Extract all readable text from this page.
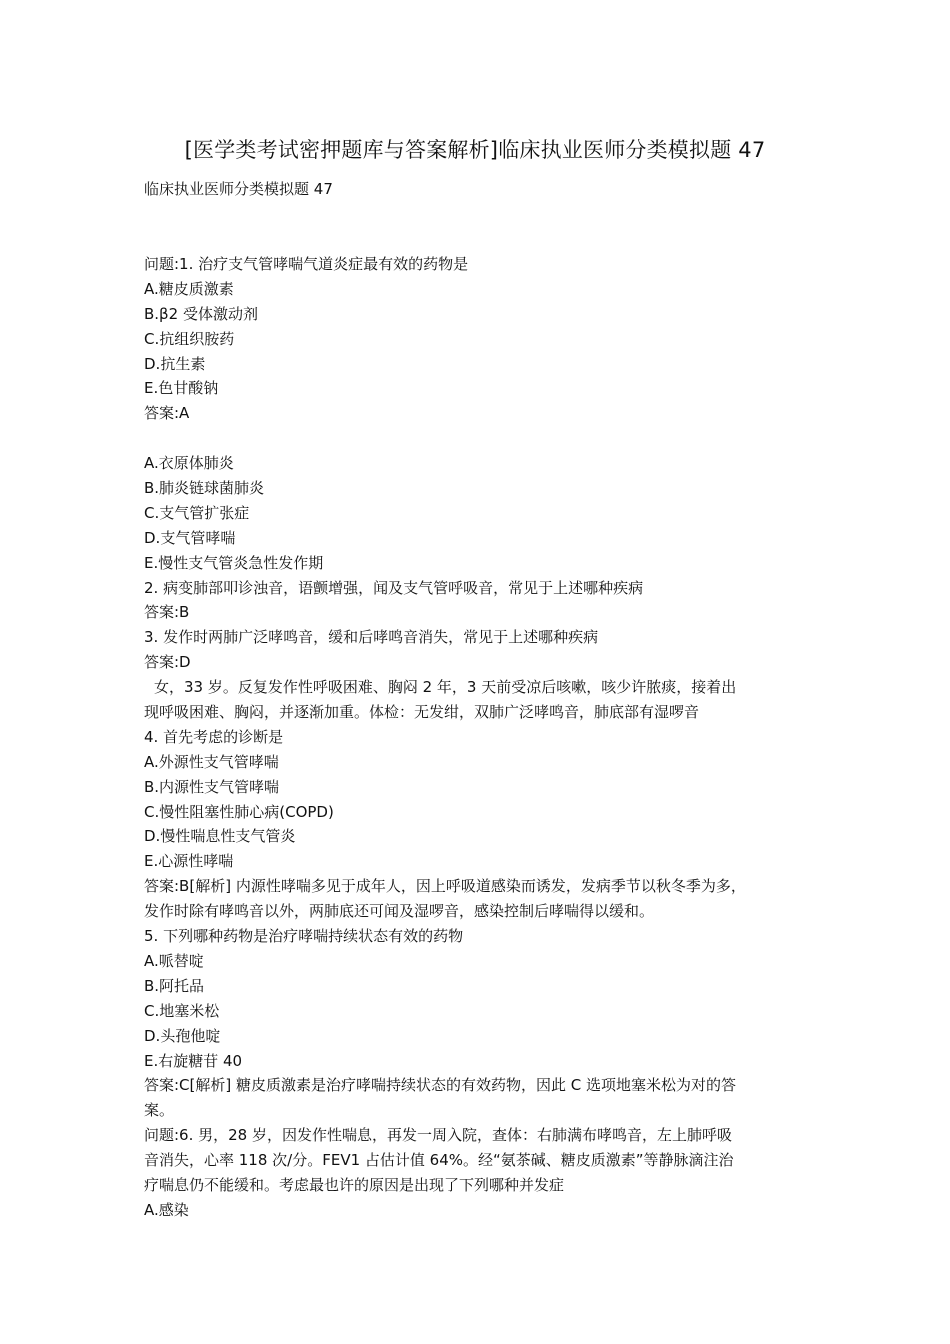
[医学类考试密押题库与答案解析]临床执业医师分类模拟题 47
临床执业医师分类模拟题 47
问题:1. 治疗支气管哮喘气道炎症最有效的药物是
A.糖皮质激素
B.β2 受体激动剂
C.抗组织胺药
D.抗生素
E.色甘酸钠
答案:A
A.衣原体肺炎
B.肺炎链球菌肺炎
C.支气管扩张症
D.支气管哮喘
E.慢性支气管炎急性发作期
2. 病变肺部叩诊浊音，语颤增强，闻及支气管呼吸音，常见于上述哪种疾病
答案:B
3. 发作时两肺广泛哮鸣音，缓和后哮鸣音消失，常见于上述哪种疾病
答案:D
女，33 岁。反复发作性呼吸困难、胸闷 2 年，3 天前受凉后咳嗽，咳少许脓痰，接着出
现呼吸困难、胸闷，并逐渐加重。体检：无发绀，双肺广泛哮鸣音，肺底部有湿啰音
4. 首先考虑的诊断是
A.外源性支气管哮喘
B.内源性支气管哮喘
C.慢性阻塞性肺心病(COPD)
D.慢性喘息性支气管炎
E.心源性哮喘
答案:B[解析] 内源性哮喘多见于成年人，因上呼吸道感染而诱发，发病季节以秋冬季为多，
发作时除有哮鸣音以外，两肺底还可闻及湿啰音，感染控制后哮喘得以缓和。
5. 下列哪种药物是治疗哮喘持续状态有效的药物
A.哌替啶
B.阿托品
C.地塞米松
D.头孢他啶
E.右旋糖苷 40
答案:C[解析] 糖皮质激素是治疗哮喘持续状态的有效药物，因此 C 选项地塞米松为对的答
案。
问题:6. 男，28 岁，因发作性喘息，再发一周入院，查体：右肺满布哮鸣音，左上肺呼吸
音消失，心率 118 次/分。FEV1 占估计值 64%。经“氨茶碱、糖皮质激素”等静脉滴注治
疗喘息仍不能缓和。考虑最也许的原因是出现了下列哪种并发症
A.感染
